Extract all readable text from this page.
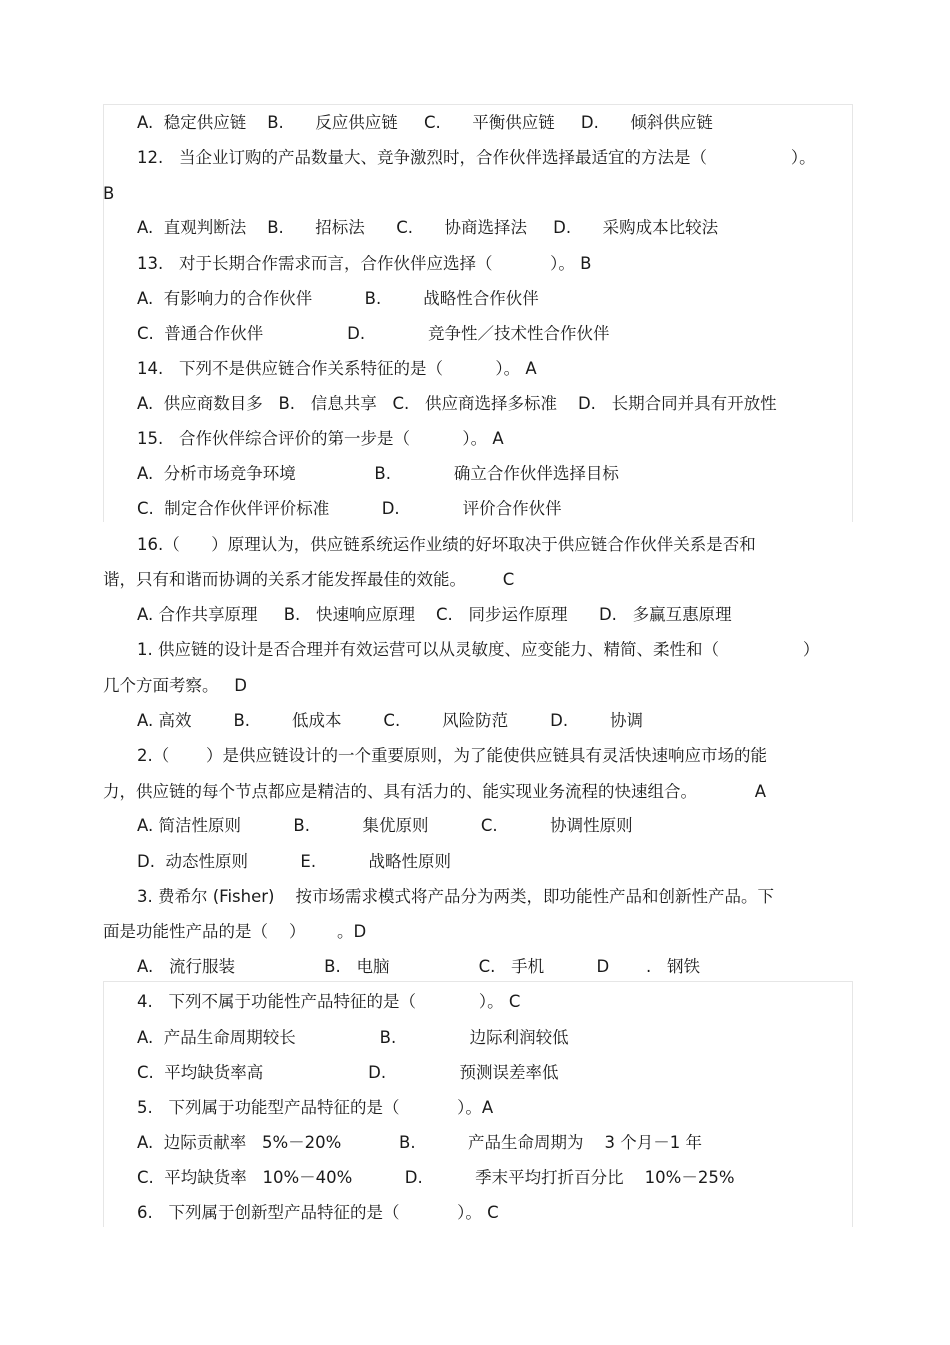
A.  稳定供应链    B.      反应供应链     C.      平衡供应链     D.      倾斜供应链
12.   当企业订购的产品数量大、竞争激烈时，合作伙伴选择最适宜的方法是（                ）。
B
A.  直观判断法    B.      招标法      C.      协商选择法     D.      采购成本比较法
13.   对于长期合作需求而言，合作伙伴应选择（           ）。 B
A.  有影响力的合作伙伴          B.        战略性合作伙伴
C.  普通合作伙伴                D.            竞争性／技术性合作伙伴
14.   下列不是供应链合作关系特征的是（          ）。 A
A.  供应商数目多   B.   信息共享   C.   供应商选择多标准    D.   长期合同并具有开放性
15.   合作伙伴综合评价的第一步是（          ）。 A
A.  分析市场竞争环境               B.            确立合作伙伴选择目标
C.  制定合作伙伴评价标准          D.            评价合作伙伴
16.（      ）原理认为，供应链系统运作业绩的好坏取决于供应链合作伙伴关系是否和
谐，只有和谐而协调的关系才能发挥最佳的效能。       C
A. 合作共享原理     B.   快速响应原理    C.   同步运作原理      D.   多赢互惠原理
1. 供应链的设计是否合理并有效运营可以从灵敏度、应变能力、精简、柔性和（                ）
几个方面考察。   D
A. 高效        B.        低成本        C.        风险防范        D.        协调
2.（       ）是供应链设计的一个重要原则，为了能使供应链具有灵活快速响应市场的能
力，供应链的每个节点都应是精洁的、具有活力的、能实现业务流程的快速组合。           A
A. 简洁性原则          B.          集优原则          C.          协调性原则
D.  动态性原则          E.          战略性原则
3. 费希尔 (Fisher)    按市场需求模式将产品分为两类，即功能性产品和创新性产品。下
面是功能性产品的是（    ）      。D
A.   流行服装                 B.   电脑                 C.   手机          D       .   钢铁
4.   下列不属于功能性产品特征的是（            ）。 C
A.  产品生命周期较长                B.              边际利润较低
C.  平均缺货率高                    D.              预测误差率低
5.   下列属于功能型产品特征的是（           ）。A
A.  边际贡献率   5%－20%           B.          产品生命周期为    3 个月－1 年
C.  平均缺货率   10%－40%          D.          季末平均打折百分比    10%－25%
6.   下列属于创新型产品特征的是（           ）。 C
